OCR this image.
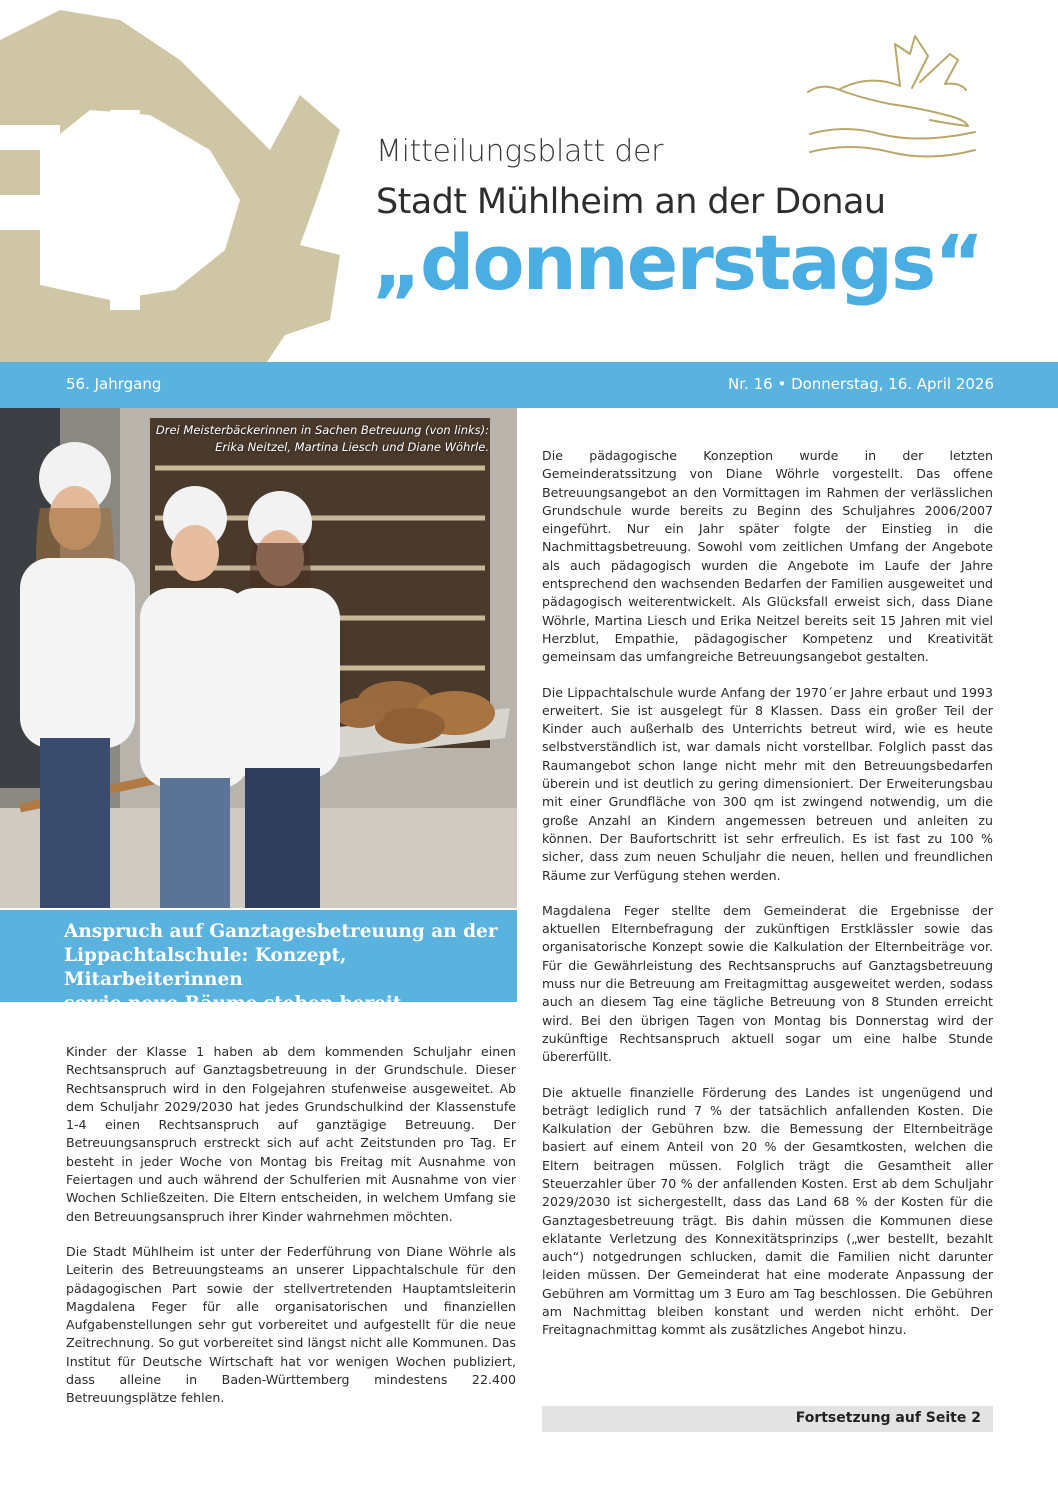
Mitteilungsblatt der
Stadt Mühlheim an der Donau
„donnerstags“
56. Jahrgang	Nr. 16 • Donnerstag, 16. April 2026

Drei Meisterbäckerinnen in Sachen Betreuung (von links):
Erika Neitzel, Martina Liesch und Diane Wöhrle.

Anspruch auf Ganztagesbetreuung an der
Lippachtalschule: Konzept, Mitarbeiterinnen
sowie neue Räume stehen bereit

Kinder der Klasse 1 haben ab dem kommenden Schuljahr einen Rechtsanspruch auf Ganztagsbetreuung in der Grundschule. Dieser Rechtsanspruch wird in den Folgejahren stufenweise ausgeweitet. Ab dem Schuljahr 2029/2030 hat jedes Grundschulkind der Klassenstufe 1-4 einen Rechtsanspruch auf ganztägige Betreuung. Der Betreuungsanspruch erstreckt sich auf acht Zeitstunden pro Tag. Er besteht in jeder Woche von Montag bis Freitag mit Ausnahme von Feiertagen und auch während der Schulferien mit Ausnahme von vier Wochen Schließzeiten. Die Eltern entscheiden, in welchem Umfang sie den Betreuungsanspruch ihrer Kinder wahrnehmen möchten.

Die Stadt Mühlheim ist unter der Federführung von Diane Wöhrle als Leiterin des Betreuungsteams an unserer Lippachtalschule für den pädagogischen Part sowie der stellvertretenden Hauptamtsleiterin Magdalena Feger für alle organisatorischen und finanziellen Aufgabenstellungen sehr gut vorbereitet und aufgestellt für die neue Zeitrechnung. So gut vorbereitet sind längst nicht alle Kommunen. Das Institut für Deutsche Wirtschaft hat vor wenigen Wochen publiziert, dass alleine in Baden-Württemberg mindestens 22.400 Betreuungsplätze fehlen.

Die pädagogische Konzeption wurde in der letzten Gemeinderatssitzung von Diane Wöhrle vorgestellt. Das offene Betreuungsangebot an den Vormittagen im Rahmen der verlässlichen Grundschule wurde bereits zu Beginn des Schuljahres 2006/2007 eingeführt. Nur ein Jahr später folgte der Einstieg in die Nachmittagsbetreuung. Sowohl vom zeitlichen Umfang der Angebote als auch pädagogisch wurden die Angebote im Laufe der Jahre entsprechend den wachsenden Bedarfen der Familien ausgeweitet und pädagogisch weiterentwickelt. Als Glücksfall erweist sich, dass Diane Wöhrle, Martina Liesch und Erika Neitzel bereits seit 15 Jahren mit viel Herzblut, Empathie, pädagogischer Kompetenz und Kreativität gemeinsam das umfangreiche Betreuungsangebot gestalten.

Die Lippachtalschule wurde Anfang der 1970´er Jahre erbaut und 1993 erweitert. Sie ist ausgelegt für 8 Klassen. Dass ein großer Teil der Kinder auch außerhalb des Unterrichts betreut wird, wie es heute selbstverständlich ist, war damals nicht vorstellbar. Folglich passt das Raumangebot schon lange nicht mehr mit den Betreuungsbedarfen überein und ist deutlich zu gering dimensioniert. Der Erweiterungsbau mit einer Grundfläche von 300 qm ist zwingend notwendig, um die große Anzahl an Kindern angemessen betreuen und anleiten zu können. Der Baufortschritt ist sehr erfreulich. Es ist fast zu 100 % sicher, dass zum neuen Schuljahr die neuen, hellen und freundlichen Räume zur Verfügung stehen werden.

Magdalena Feger stellte dem Gemeinderat die Ergebnisse der aktuellen Elternbefragung der zukünftigen Erstklässler sowie das organisatorische Konzept sowie die Kalkulation der Elternbeiträge vor. Für die Gewährleistung des Rechtsanspruchs auf Ganztagsbetreuung muss nur die Betreuung am Freitagmittag ausgeweitet werden, sodass auch an diesem Tag eine tägliche Betreuung von 8 Stunden erreicht wird. Bei den übrigen Tagen von Montag bis Donnerstag wird der zukünftige Rechtsanspruch aktuell sogar um eine halbe Stunde übererfüllt.

Die aktuelle finanzielle Förderung des Landes ist ungenügend und beträgt lediglich rund 7 % der tatsächlich anfallenden Kosten. Die Kalkulation der Gebühren bzw. die Bemessung der Elternbeiträge basiert auf einem Anteil von 20 % der Gesamtkosten, welchen die Eltern beitragen müssen. Folglich trägt die Gesamtheit aller Steuerzahler über 70 % der anfallenden Kosten. Erst ab dem Schuljahr 2029/2030 ist sichergestellt, dass das Land 68 % der Kosten für die Ganztagesbetreuung trägt. Bis dahin müssen die Kommunen diese eklatante Verletzung des Konnexitätsprinzips („wer bestellt, bezahlt auch“) notgedrungen schlucken, damit die Familien nicht darunter leiden müssen. Der Gemeinderat hat eine moderate Anpassung der Gebühren am Vormittag um 3 Euro am Tag beschlossen. Die Gebühren am Nachmittag bleiben konstant und werden nicht erhöht. Der Freitagnachmittag kommt als zusätzliches Angebot hinzu.

Fortsetzung auf Seite 2
